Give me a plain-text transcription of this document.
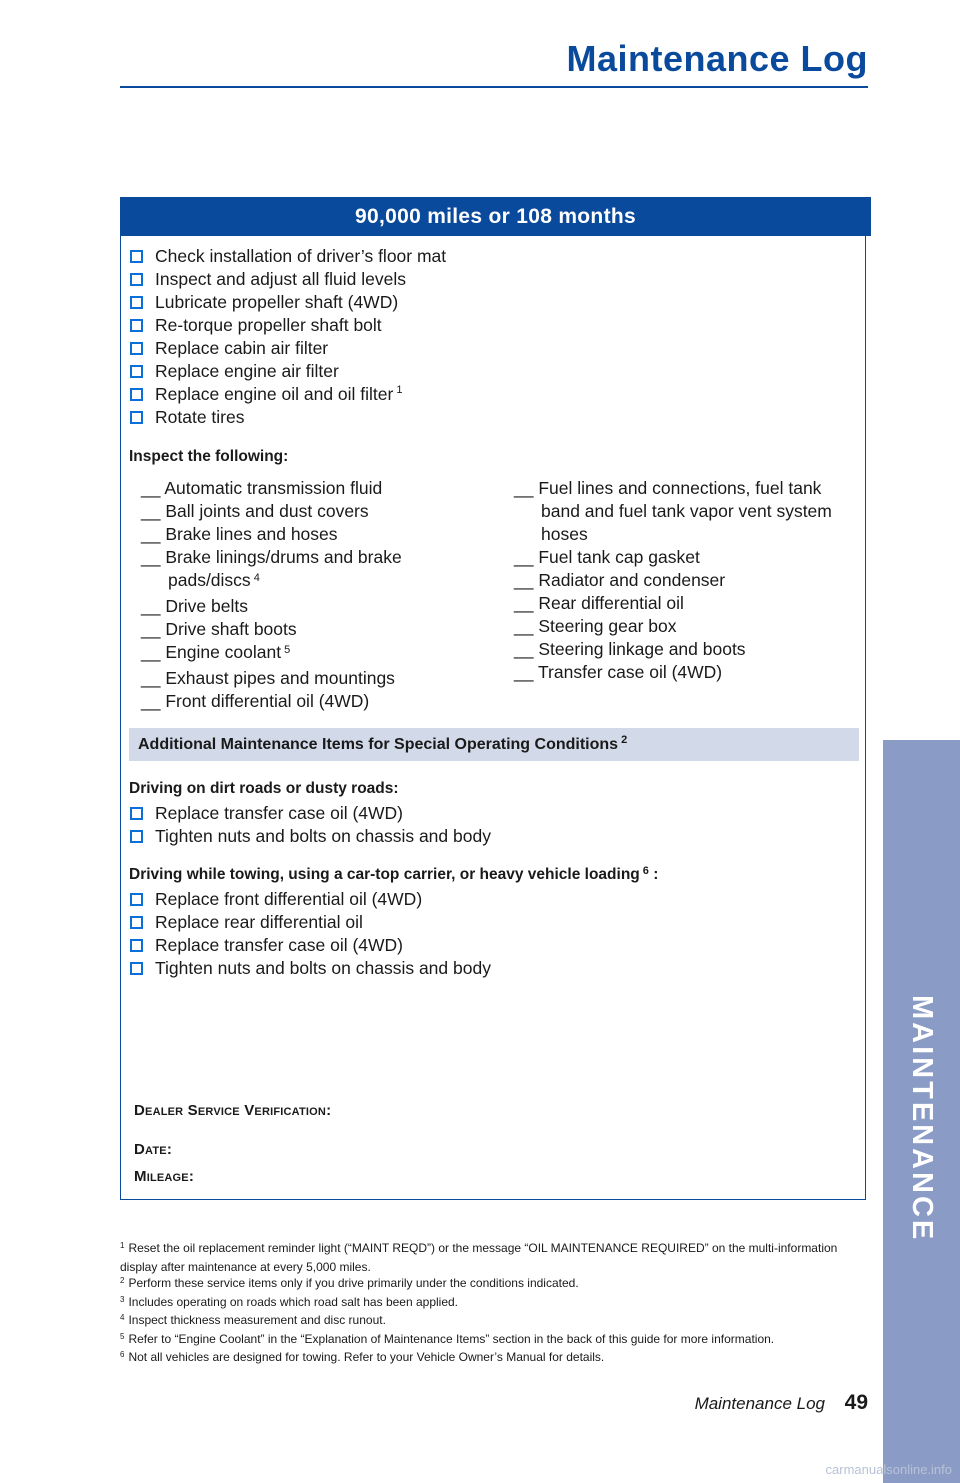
Maintenance Log
90,000 miles or 108 months
Inspect the following:
__ Automatic transmission fluid
__ Ball joints and dust covers
__ Brake lines and hoses
__ Brake linings/drums and brake
pads/discs $^4$
__ Drive belts
__ Drive shaft boots
__ Engine coolant $^5$
__ Exhaust pipes and mountings
__ Front differential oil (4WD)
__ Fuel lines and connections, fuel tank
band and fuel tank vapor vent system
hoses
__ Fuel tank cap gasket
__ Radiator and condenser
__ Rear differential oil
__ Steering gear box
__ Steering linkage and boots
__ Transfer case oil (4WD)
Additional Maintenance Items for Special Operating Conditions $^2$
Driving on dirt roads or dusty roads:
Driving while towing, using a car-top carrier, or heavy vehicle loading $^6$ :
Dealer Service Verification:
Date:
Mileage:
Check installation of driver’s floor mat
Inspect and adjust all fluid levels
Lubricate propeller shaft (4WD)
Re-torque propeller shaft bolt
Replace cabin air filter
Replace engine air filter
Replace engine oil and oil filter $^1$
Rotate tires
Replace transfer case oil (4WD)
Tighten nuts and bolts on chassis and body
Replace front differential oil (4WD)
Replace rear differential oil
Replace transfer case oil (4WD)
Tighten nuts and bolts on chassis and body
$^1$ Reset the oil replacement reminder light (“MAINT REQD”) or the message “OIL MAINTENANCE REQUIRED” on the multi-information display after maintenance at every 5,000 miles.
$^2$ Perform these service items only if you drive primarily under the conditions indicated.
$^3$ Includes operating on roads which road salt has been applied.
$^4$ Inspect thickness measurement and disc runout.
$^5$ Refer to “Engine Coolant” in the “Explanation of Maintenance Items” section in the back of this guide for more information.
$^6$ Not all vehicles are designed for towing. Refer to your Vehicle Owner’s Manual for details.
Maintenance Log 49
MAINTENANCE
carmanualsonline.info
